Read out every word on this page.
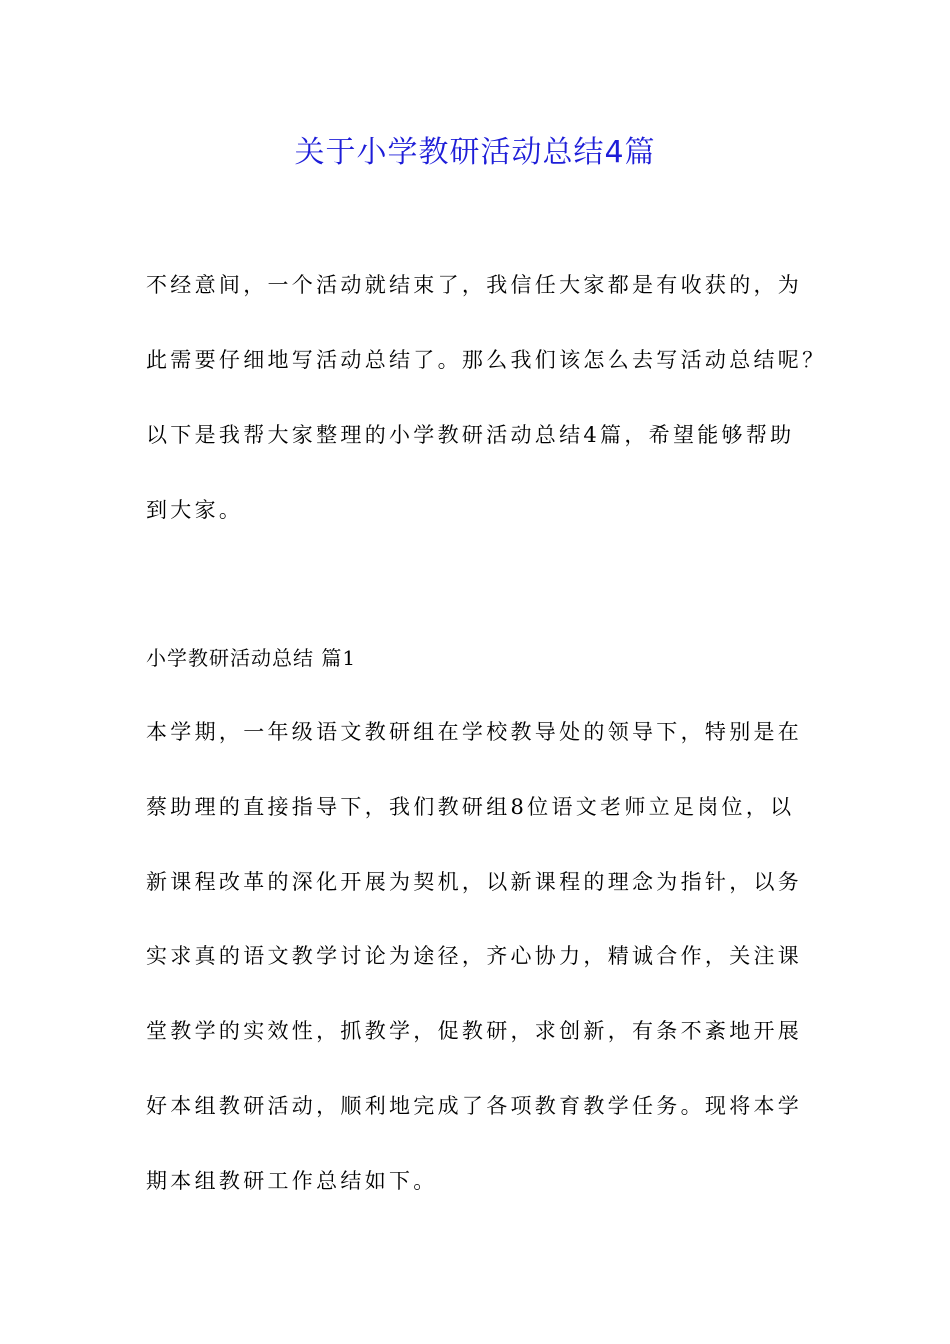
关于小学教研活动总结4篇
不经意间，一个活动就结束了，我信任大家都是有收获的，为
此需要仔细地写活动总结了。那么我们该怎么去写活动总结呢？
以下是我帮大家整理的小学教研活动总结4篇，希望能够帮助
到大家。
小学教研活动总结 篇1
本学期，一年级语文教研组在学校教导处的领导下，特别是在
蔡助理的直接指导下，我们教研组8位语文老师立足岗位，以
新课程改革的深化开展为契机，以新课程的理念为指针，以务
实求真的语文教学讨论为途径，齐心协力，精诚合作，关注课
堂教学的实效性，抓教学，促教研，求创新，有条不紊地开展
好本组教研活动，顺利地完成了各项教育教学任务。现将本学
期本组教研工作总结如下。
